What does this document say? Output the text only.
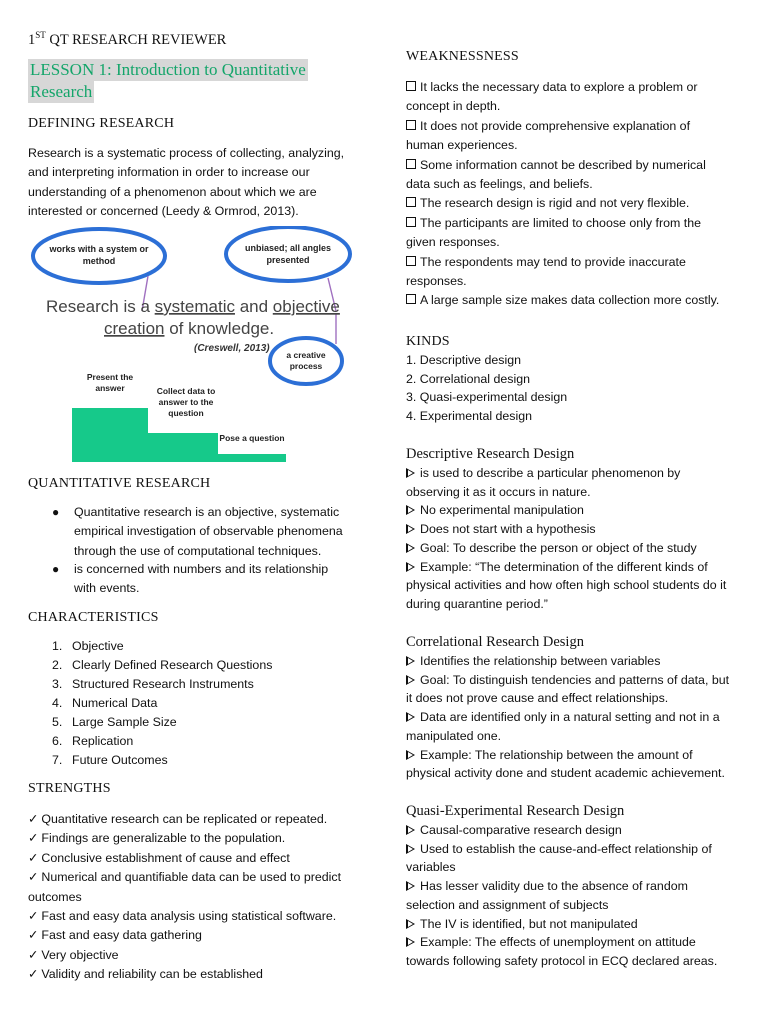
1ST QT RESEARCH REVIEWER
LESSON 1: Introduction to Quantitative
Research
DEFINING RESEARCH
Research is a systematic process of collecting, analyzing,
and interpreting information in order to increase our
understanding of a phenomenon about which we are
interested or concerned (Leedy & Ormrod, 2013).
works with a system or
method
unbiased; all angles
presented
Research is a systematic and objective
creation of knowledge.
(Creswell, 2013)
a creative
process
Present the
answer	Collect data to
answer to the
question
Pose a question
QUANTITATIVE RESEARCH
● Quantitative research is an objective, systematic
empirical investigation of observable phenomena
through the use of computational techniques.
● is concerned with numbers and its relationship
with events.
CHARACTERISTICS
1. Objective
2. Clearly Defined Research Questions
3. Structured Research Instruments
4. Numerical Data
5. Large Sample Size
6. Replication
7. Future Outcomes
STRENGTHS
✓ Quantitative research can be replicated or repeated.
✓ Findings are generalizable to the population.
✓ Conclusive establishment of cause and effect
✓ Numerical and quantifiable data can be used to predict
outcomes
✓ Fast and easy data analysis using statistical software.
✓ Fast and easy data gathering
✓ Very objective
✓ Validity and reliability can be established
WEAKNESSNESS
It lacks the necessary data to explore a problem or
concept in depth.
It does not provide comprehensive explanation of
human experiences.
Some information cannot be described by numerical
data such as feelings, and beliefs.
The research design is rigid and not very flexible.
The participants are limited to choose only from the
given responses.
The respondents may tend to provide inaccurate
responses.
A large sample size makes data collection more costly.
KINDS
1. Descriptive design
2. Correlational design
3. Quasi-experimental design
4. Experimental design
Descriptive Research Design
is used to describe a particular phenomenon by
observing it as it occurs in nature.
No experimental manipulation
Does not start with a hypothesis
Goal: To describe the person or object of the study
Example: “The determination of the different kinds of
physical activities and how often high school students do it
during quarantine period.”
Correlational Research Design
Identifies the relationship between variables
Goal: To distinguish tendencies and patterns of data, but
it does not prove cause and effect relationships.
Data are identified only in a natural setting and not in a
manipulated one.
Example: The relationship between the amount of
physical activity done and student academic achievement.
Quasi-Experimental Research Design
Causal-comparative research design
Used to establish the cause-and-effect relationship of
variables
Has lesser validity due to the absence of random
selection and assignment of subjects
The IV is identified, but not manipulated
Example: The effects of unemployment on attitude
towards following safety protocol in ECQ declared areas.
